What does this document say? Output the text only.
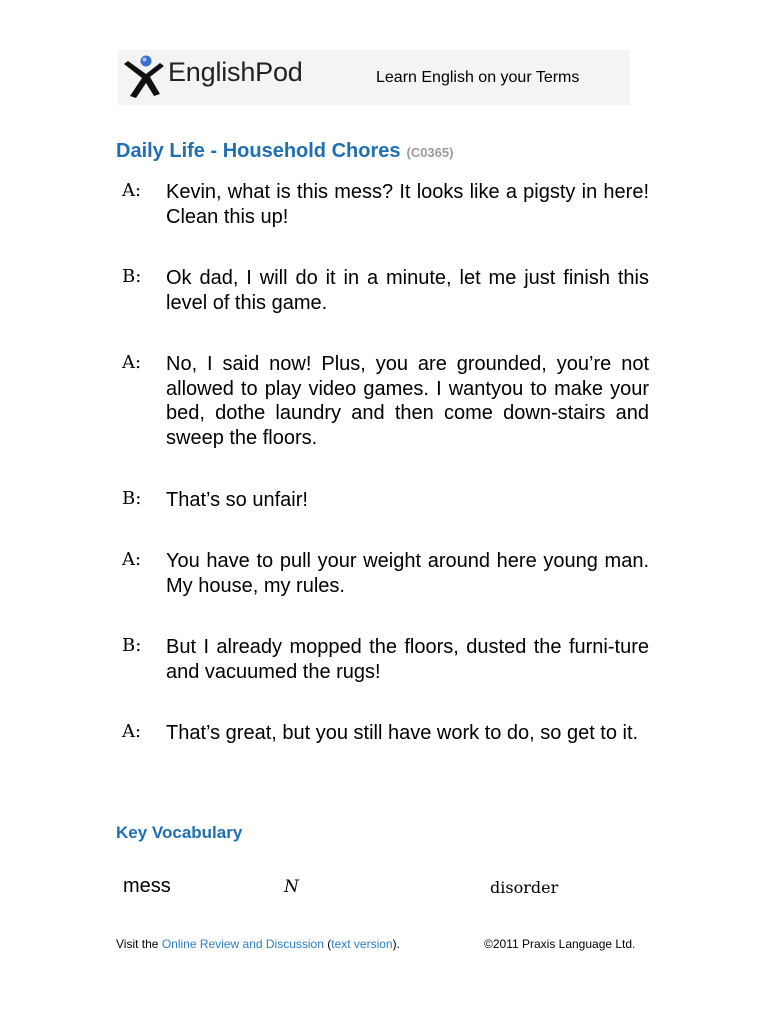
EnglishPod	Learn English on your Terms
Daily Life - Household Chores (C0365)
A: Kevin, what is this mess? It looks like a pigsty in here! Clean this up!
B: Ok dad, I will do it in a minute, let me just finish this level of this game.
A: No, I said now! Plus, you are grounded, you’re not allowed to play video games. I wantyou to make your bed, dothe laundry and then come down-stairs and sweep the floors.
B: That’s so unfair!
A: You have to pull your weight around here young man. My house, my rules.
B: But I already mopped the floors, dusted the furni-ture and vacuumed the rugs!
A: That’s great, but you still have work to do, so get to it.
Key Vocabulary
mess	N	disorder
Visit the Online Review and Discussion (text version).	©2011 Praxis Language Ltd.
